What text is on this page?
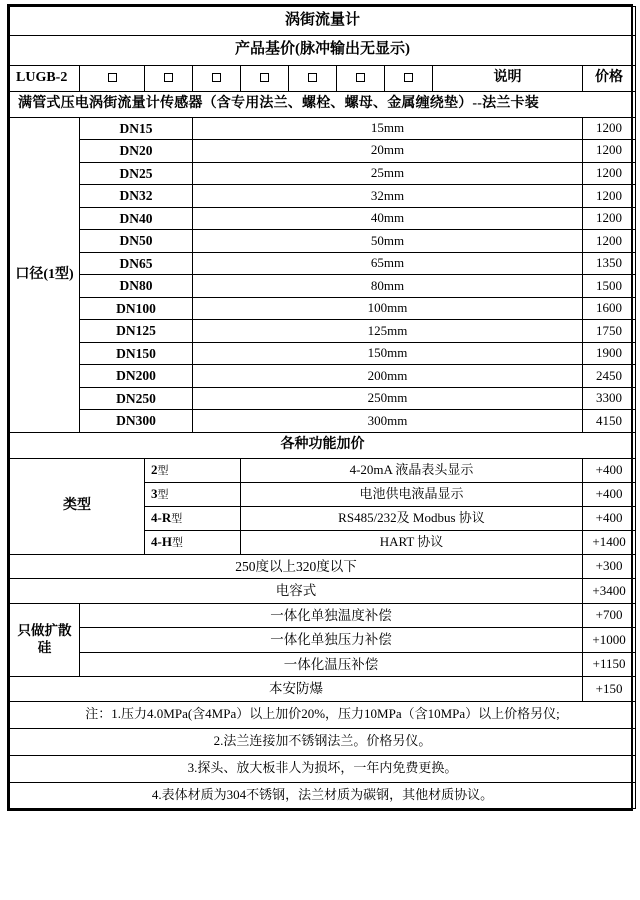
涡街流量计									
产品基价(脉冲输出无显示)									
LUGB-2								说明	价格
满管式压电涡街流量计传感器（含专用法兰、螺栓、螺母、金属缠绕垫）--法兰卡装									
口径(1型)	DN15		15mm						1200
	DN20		20mm						1200
	DN25		25mm						1200
	DN32		32mm						1200
	DN40		40mm						1200
	DN50		50mm						1200
	DN65		65mm						1350
	DN80		80mm						1500
	DN100		100mm						1600
	DN125		125mm						1750
	DN150		150mm						1900
	DN200		200mm						2450
	DN250		250mm						3300
	DN300		300mm						4150
各种功能加价									
类型		2型		4-20mA 液晶表头显示					+400
		3型		电池供电液晶显示					+400
		4-R型		RS485/232及 Modbus 协议					+400
		4-H型		HART 协议					+1400
250度以上320度以下									+300
电容式									+3400
只做扩散硅	一体化单独温度补偿								+700
	一体化单独压力补偿								+1000
	一体化温压补偿								+1150
本安防爆									+150
注：1.压力4.0MPa(含4MPa）以上加价20%，压力10MPa（含10MPa）以上价格另仪;									
2.法兰连接加不锈钢法兰。价格另仪。									
3.探头、放大板非人为损坏，一年内免费更换。									
4.表体材质为304不锈钢，法兰材质为碳钢，其他材质协议。									
